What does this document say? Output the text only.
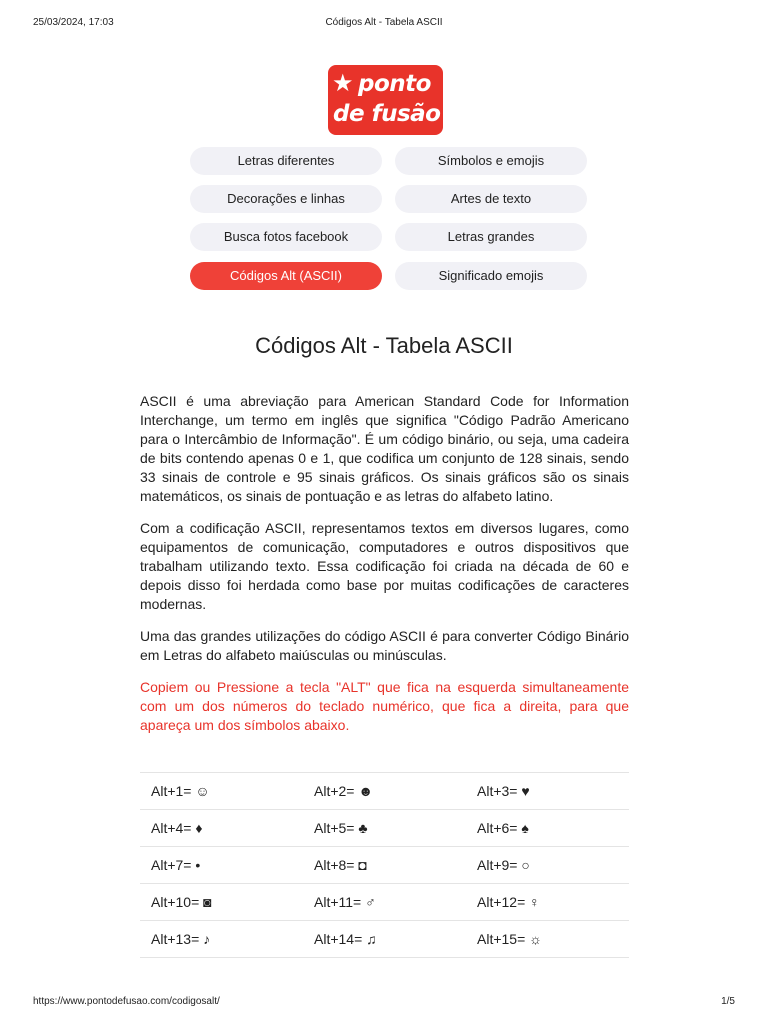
25/03/2024, 17:03	Códigos Alt - Tabela ASCII
★ ponto
de fusão
Letras diferentes	Símbolos e emojis
Decorações e linhas	Artes de texto
Busca fotos facebook	Letras grandes
Códigos Alt (ASCII)	Significado emojis
Códigos Alt - Tabela ASCII

ASCII é uma abreviação para American Standard Code for Information Interchange, um termo em inglês que significa "Código Padrão Americano para o Intercâmbio de Informação". É um código binário, ou seja, uma cadeira de bits contendo apenas 0 e 1, que codifica um conjunto de 128 sinais, sendo 33 sinais de controle e 95 sinais gráficos. Os sinais gráficos são os sinais matemáticos, os sinais de pontuação e as letras do alfabeto latino.

Com a codificação ASCII, representamos textos em diversos lugares, como equipamentos de comunicação, computadores e outros dispositivos que trabalham utilizando texto. Essa codificação foi criada na década de 60 e depois disso foi herdada como base por muitas codificações de caracteres modernas.

Uma das grandes utilizações do código ASCII é para converter Código Binário em Letras do alfabeto maiúsculas ou minúsculas.

Copiem ou Pressione a tecla "ALT" que fica na esquerda simultaneamente com um dos números do teclado numérico, que fica a direita, para que apareça um dos símbolos abaixo.

Alt+1= ☺	Alt+2= ☻	Alt+3= ♥
Alt+4= ♦	Alt+5= ♣	Alt+6= ♠
Alt+7= •	Alt+8= ◘	Alt+9= ○
Alt+10= ◙	Alt+11= ♂	Alt+12= ♀
Alt+13= ♪	Alt+14= ♫	Alt+15= ☼
https://www.pontodefusao.com/codigosalt/	1/5
